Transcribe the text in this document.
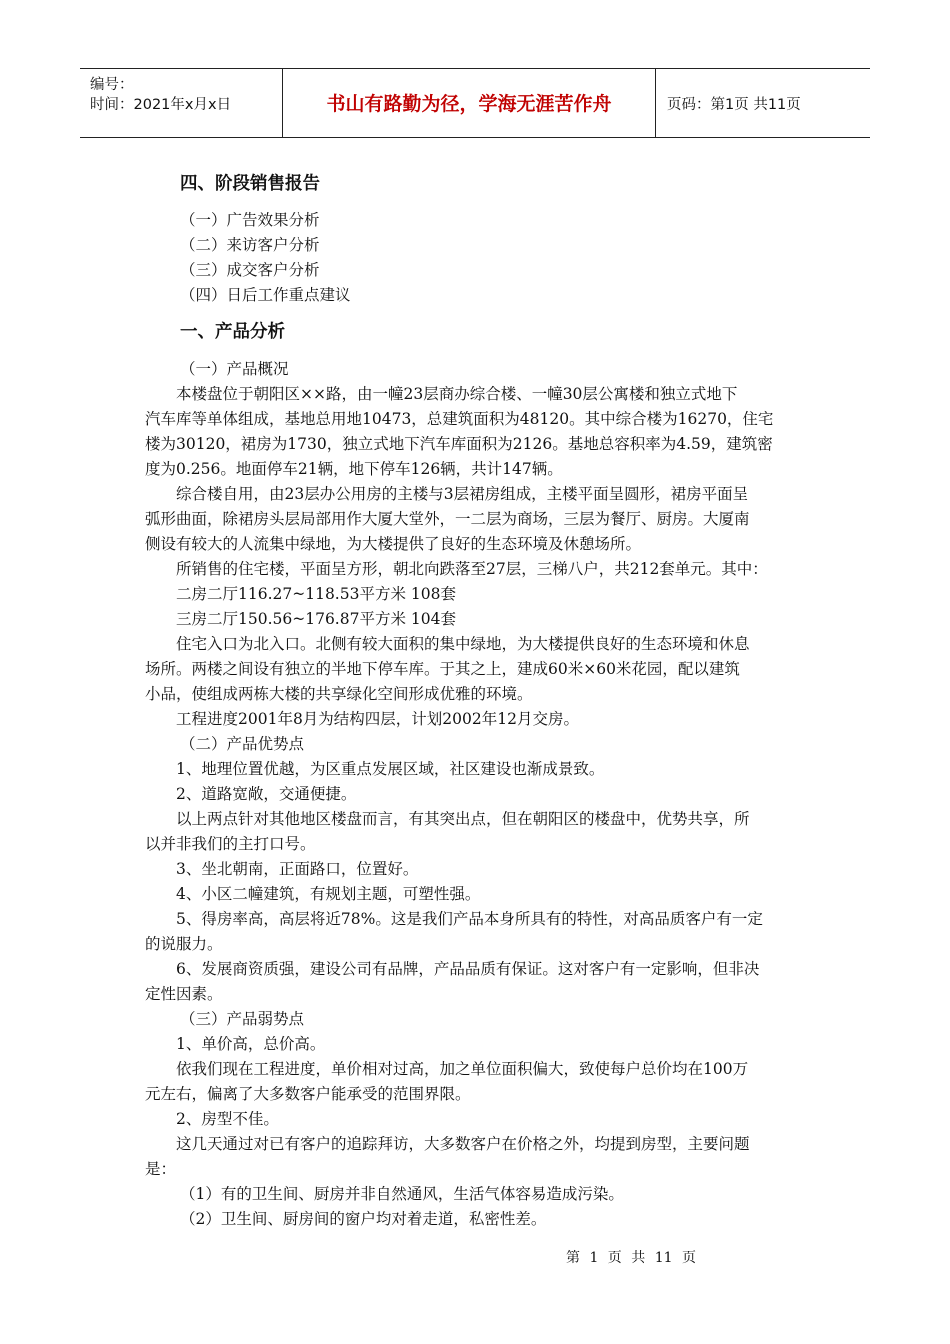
编号：
时间：2021年x月x日	书山有路勤为径，学海无涯苦作舟	页码：第1页 共11页
四、阶段销售报告
（一）广告效果分析
（二）来访客户分析
（三）成交客户分析
（四）日后工作重点建议
一、产品分析
（一）产品概况
本楼盘位于朝阳区××路，由一幢23层商办综合楼、一幢30层公寓楼和独立式地下
汽车库等单体组成，基地总用地10473，总建筑面积为48120。其中综合楼为16270，住宅
楼为30120，裙房为1730，独立式地下汽车库面积为2126。基地总容积率为4.59，建筑密
度为0.256。地面停车21辆，地下停车126辆，共计147辆。
综合楼自用，由23层办公用房的主楼与3层裙房组成，主楼平面呈圆形，裙房平面呈
弧形曲面，除裙房头层局部用作大厦大堂外，一二层为商场，三层为餐厅、厨房。大厦南
侧设有较大的人流集中绿地，为大楼提供了良好的生态环境及休憩场所。
所销售的住宅楼，平面呈方形，朝北向跌落至27层，三梯八户，共212套单元。其中：
二房二厅116.27~118.53平方米 108套
三房二厅150.56~176.87平方米 104套
住宅入口为北入口。北侧有较大面积的集中绿地，为大楼提供良好的生态环境和休息
场所。两楼之间设有独立的半地下停车库。于其之上，建成60米×60米花园，配以建筑
小品，使组成两栋大楼的共享绿化空间形成优雅的环境。
工程进度2001年8月为结构四层，计划2002年12月交房。
（二）产品优势点
1、地理位置优越，为区重点发展区域，社区建设也渐成景致。
2、道路宽敞，交通便捷。
以上两点针对其他地区楼盘而言，有其突出点，但在朝阳区的楼盘中，优势共享，所
以并非我们的主打口号。
3、坐北朝南，正面路口，位置好。
4、小区二幢建筑，有规划主题，可塑性强。
5、得房率高，高层将近78%。这是我们产品本身所具有的特性，对高品质客户有一定
的说服力。
6、发展商资质强，建设公司有品牌，产品品质有保证。这对客户有一定影响，但非决
定性因素。
（三）产品弱势点
1、单价高，总价高。
依我们现在工程进度，单价相对过高，加之单位面积偏大，致使每户总价均在100万
元左右，偏离了大多数客户能承受的范围界限。
2、房型不佳。
这几天通过对已有客户的追踪拜访，大多数客户在价格之外，均提到房型，主要问题
是：
（1）有的卫生间、厨房并非自然通风，生活气体容易造成污染。
（2）卫生间、厨房间的窗户均对着走道，私密性差。
第 1 页 共 11 页
